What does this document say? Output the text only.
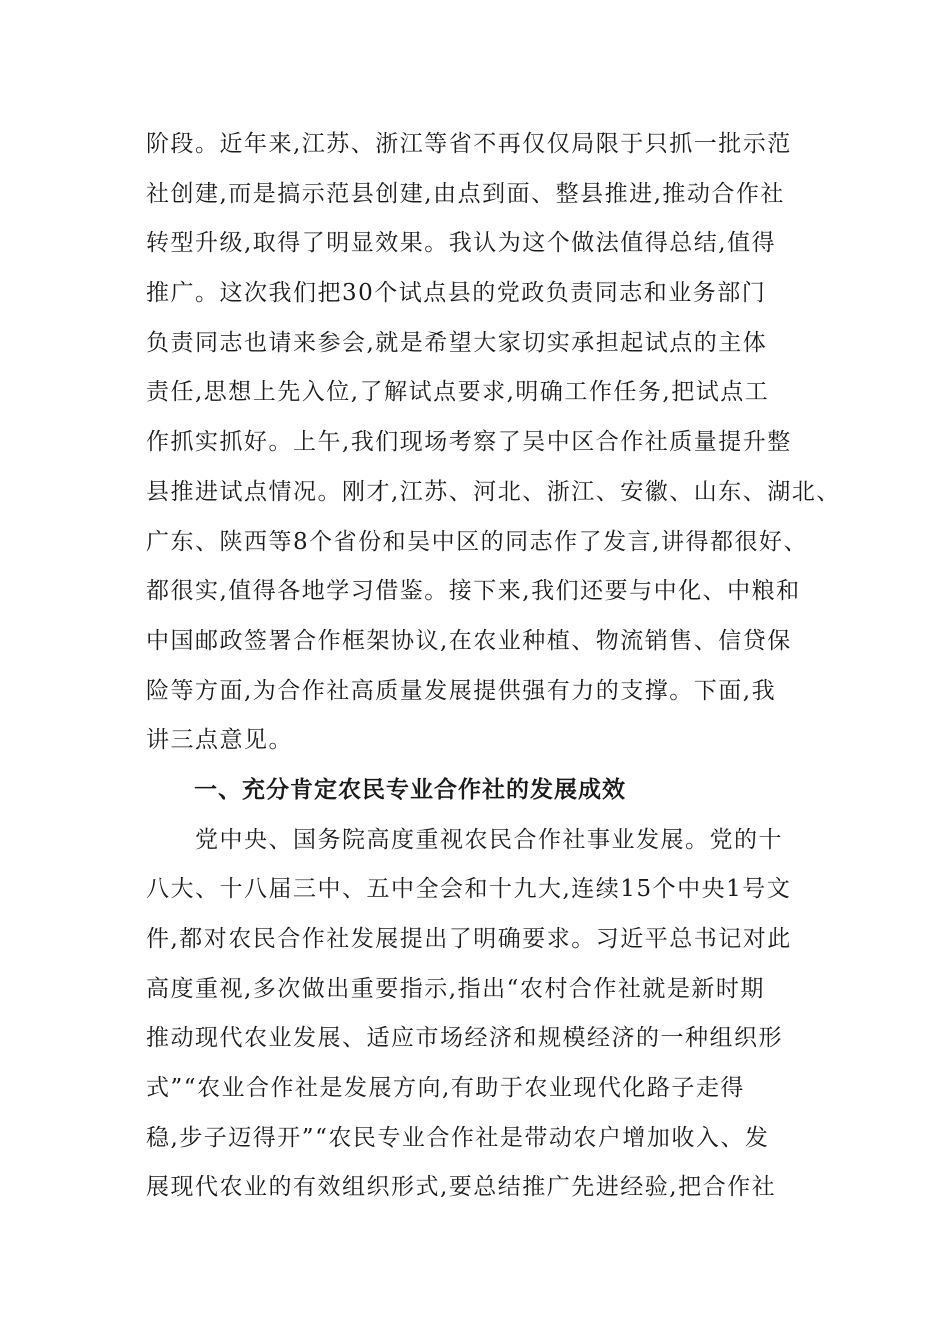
阶段。近年来,江苏、浙江等省不再仅仅局限于只抓一批示范
社创建,而是搞示范县创建,由点到面、整县推进,推动合作社
转型升级,取得了明显效果。我认为这个做法值得总结,值得
推广。这次我们把30个试点县的党政负责同志和业务部门
负责同志也请来参会,就是希望大家切实承担起试点的主体
责任,思想上先入位,了解试点要求,明确工作任务,把试点工
作抓实抓好。上午,我们现场考察了吴中区合作社质量提升整
县推进试点情况。刚才,江苏、河北、浙江、安徽、山东、湖北、
广东、陕西等8个省份和吴中区的同志作了发言,讲得都很好、
都很实,值得各地学习借鉴。接下来,我们还要与中化、中粮和
中国邮政签署合作框架协议,在农业种植、物流销售、信贷保
险等方面,为合作社高质量发展提供强有力的支撑。下面,我
讲三点意见。
一、充分肯定农民专业合作社的发展成效
　　党中央、国务院高度重视农民合作社事业发展。党的十
八大、十八届三中、五中全会和十九大,连续15个中央1号文
件,都对农民合作社发展提出了明确要求。习近平总书记对此
高度重视,多次做出重要指示,指出“农村合作社就是新时期
推动现代农业发展、适应市场经济和规模经济的一种组织形
式”“农业合作社是发展方向,有助于农业现代化路子走得
稳,步子迈得开”“农民专业合作社是带动农户增加收入、发
展现代农业的有效组织形式,要总结推广先进经验,把合作社
